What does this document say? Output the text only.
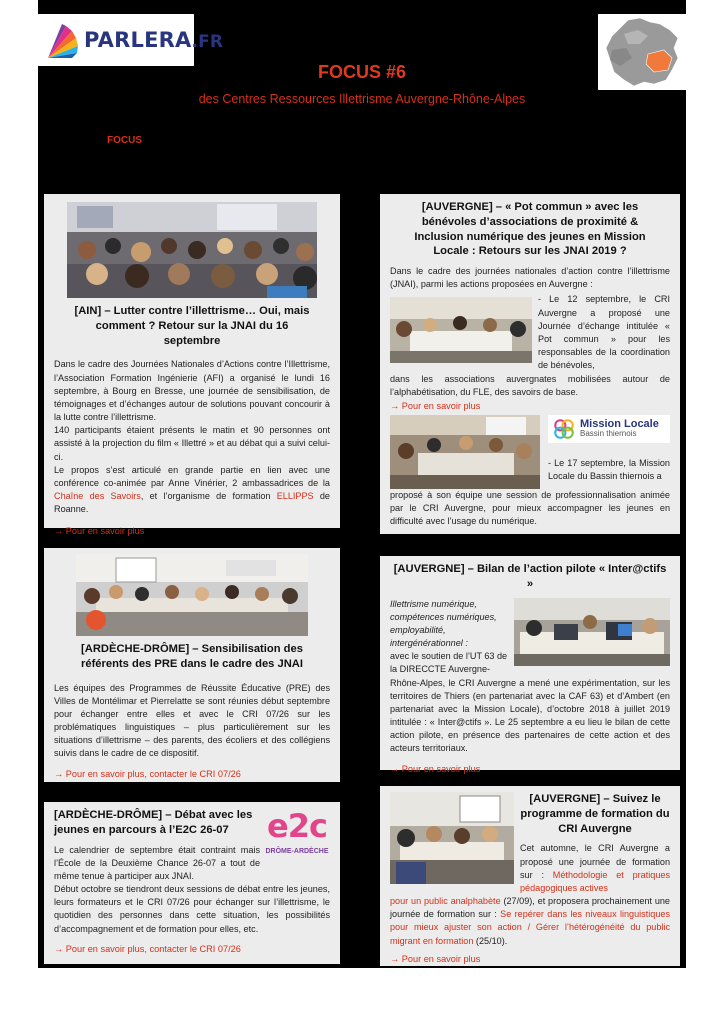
PARLERA.FR
FOCUS #6
des Centres Ressources Illettrisme Auvergne-Rhône-Alpes
FOCUS
[AIN] – Lutter contre l’illettrisme… Oui, mais comment ? Retour sur la JNAI du 16 septembre

Dans le cadre des Journées Nationales d’Actions contre l’Illettrisme, l’Association Formation Ingénierie (AFI) a organisé le lundi 16 septembre, à Bourg en Bresse, une journée de sensibilisation, de témoignages et d’échanges autour de solutions pouvant concourir à la lutte contre l’illettrisme.

140 participants étaient présents le matin et 90 personnes ont assisté à la projection du film « Illettré » et au débat qui a suivi celui-ci.

Le propos s’est articulé en grande partie en lien avec une conférence co-animée par Anne Vinérier, 2 ambassadrices de la Chaîne des Savoirs, et l’organisme de formation ELLIPPS de Roanne.

→ Pour en savoir plus
[AUVERGNE] – « Pot commun » avec les bénévoles d’associations de proximité & Inclusion numérique des jeunes en Mission Locale : Retours sur les JNAI 2019 ?

Dans le cadre des journées nationales d’action contre l’illettrisme (JNAI), parmi les actions proposées en Auvergne :

- Le 12 septembre, le CRI Auvergne a proposé une Journée d’échange intitulée « Pot commun » pour les responsables de la coordination de bénévoles,

dans les associations auvergnates mobilisées autour de l’alphabétisation, du FLE, des savoirs de base.

→ Pour en savoir plus
Mission Locale
Bassin thiernois

- Le 17 septembre, la Mission Locale du Bassin thiernois a

proposé à son équipe une session de professionnalisation animée par le CRI Auvergne, pour mieux accompagner les jeunes en difficulté avec l’usage du numérique.

[ARDÈCHE-DRÔME] – Sensibilisation des référents des PRE dans le cadre des JNAI

Les équipes des Programmes de Réussite Éducative (PRE) des Villes de Montélimar et Pierrelatte se sont réunies début septembre pour échanger entre elles et avec le CRI 07/26 sur les problématiques linguistiques – plus particulièrement sur les situations d’illettrisme – des parents, des écoliers et des collégiens suivis dans le cadre de ce dispositif.

→ Pour en savoir plus, contacter le CRI 07/26
[AUVERGNE] – Bilan de l’action pilote « Inter@ctifs »

Illettrisme numérique, compétences numériques, employabilité, intergénérationnel :

avec le soutien de l’UT 63 de la DIRECCTE Auvergne-

Rhône-Alpes, le CRI Auvergne a mené une expérimentation, sur les territoires de Thiers (en partenariat avec la CAF 63) et d’Ambert (en partenariat avec la Mission Locale), d’octobre 2018 à juillet 2019 intitulée : « Inter@ctifs ». Le 25 septembre a eu lieu le bilan de cette action pilote, en présence des partenaires de cette action et des acteurs territoriaux.

→ Pour en savoir plus
[ARDÈCHE-DRÔME] – Débat avec les jeunes en parcours à l’E2C 26-07

Le calendrier de septembre était contraint mais l’École de la Deuxième Chance 26-07 a tout de même tenue à participer aux JNAI.

e2c
DRÔME-ARDÈCHE

Début octobre se tiendront deux sessions de débat entre les jeunes, leurs formateurs et le CRI 07/26 pour échanger sur l’illettrisme, le quotidien des personnes dans cette situation, les possibilités d’accompagnement et de formation pour elles, etc.

→ Pour en savoir plus, contacter le CRI 07/26
[AUVERGNE] – Suivez le programme de formation du CRI Auvergne

Cet automne, le CRI Auvergne a proposé une journée de formation sur : Méthodologie et pratiques pédagogiques actives

pour un public analphabète (27/09), et proposera prochainement une journée de formation sur : Se repérer dans les niveaux linguistiques pour mieux ajuster son action / Gérer l’hétérogénéité du public migrant en formation (25/10).

→ Pour en savoir plus
